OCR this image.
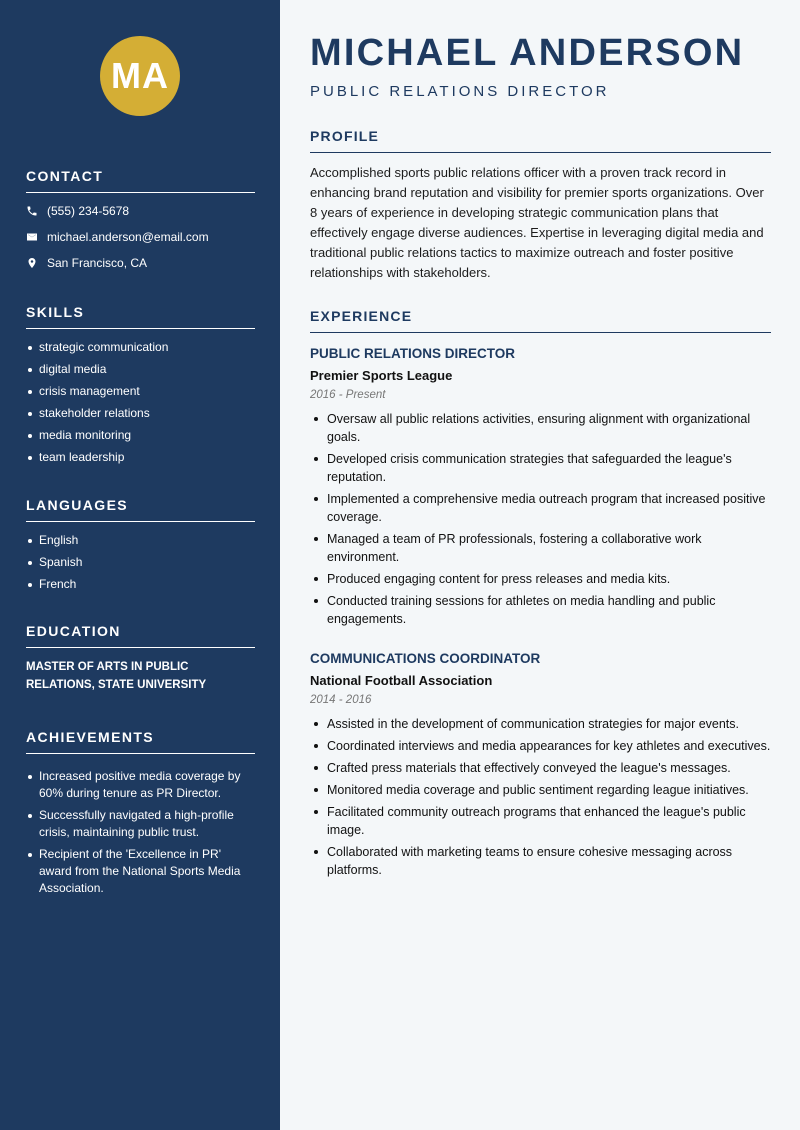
MA
CONTACT
(555) 234-5678
michael.anderson@email.com
San Francisco, CA
SKILLS
strategic communication
digital media
crisis management
stakeholder relations
media monitoring
team leadership
LANGUAGES
English
Spanish
French
EDUCATION
MASTER OF ARTS IN PUBLIC RELATIONS, STATE UNIVERSITY
ACHIEVEMENTS
Increased positive media coverage by 60% during tenure as PR Director.
Successfully navigated a high-profile crisis, maintaining public trust.
Recipient of the 'Excellence in PR' award from the National Sports Media Association.
MICHAEL ANDERSON
PUBLIC RELATIONS DIRECTOR
PROFILE
Accomplished sports public relations officer with a proven track record in enhancing brand reputation and visibility for premier sports organizations. Over 8 years of experience in developing strategic communication plans that effectively engage diverse audiences. Expertise in leveraging digital media and traditional public relations tactics to maximize outreach and foster positive relationships with stakeholders.
EXPERIENCE
PUBLIC RELATIONS DIRECTOR
Premier Sports League
2016 - Present
Oversaw all public relations activities, ensuring alignment with organizational goals.
Developed crisis communication strategies that safeguarded the league's reputation.
Implemented a comprehensive media outreach program that increased positive coverage.
Managed a team of PR professionals, fostering a collaborative work environment.
Produced engaging content for press releases and media kits.
Conducted training sessions for athletes on media handling and public engagements.
COMMUNICATIONS COORDINATOR
National Football Association
2014 - 2016
Assisted in the development of communication strategies for major events.
Coordinated interviews and media appearances for key athletes and executives.
Crafted press materials that effectively conveyed the league's messages.
Monitored media coverage and public sentiment regarding league initiatives.
Facilitated community outreach programs that enhanced the league's public image.
Collaborated with marketing teams to ensure cohesive messaging across platforms.
